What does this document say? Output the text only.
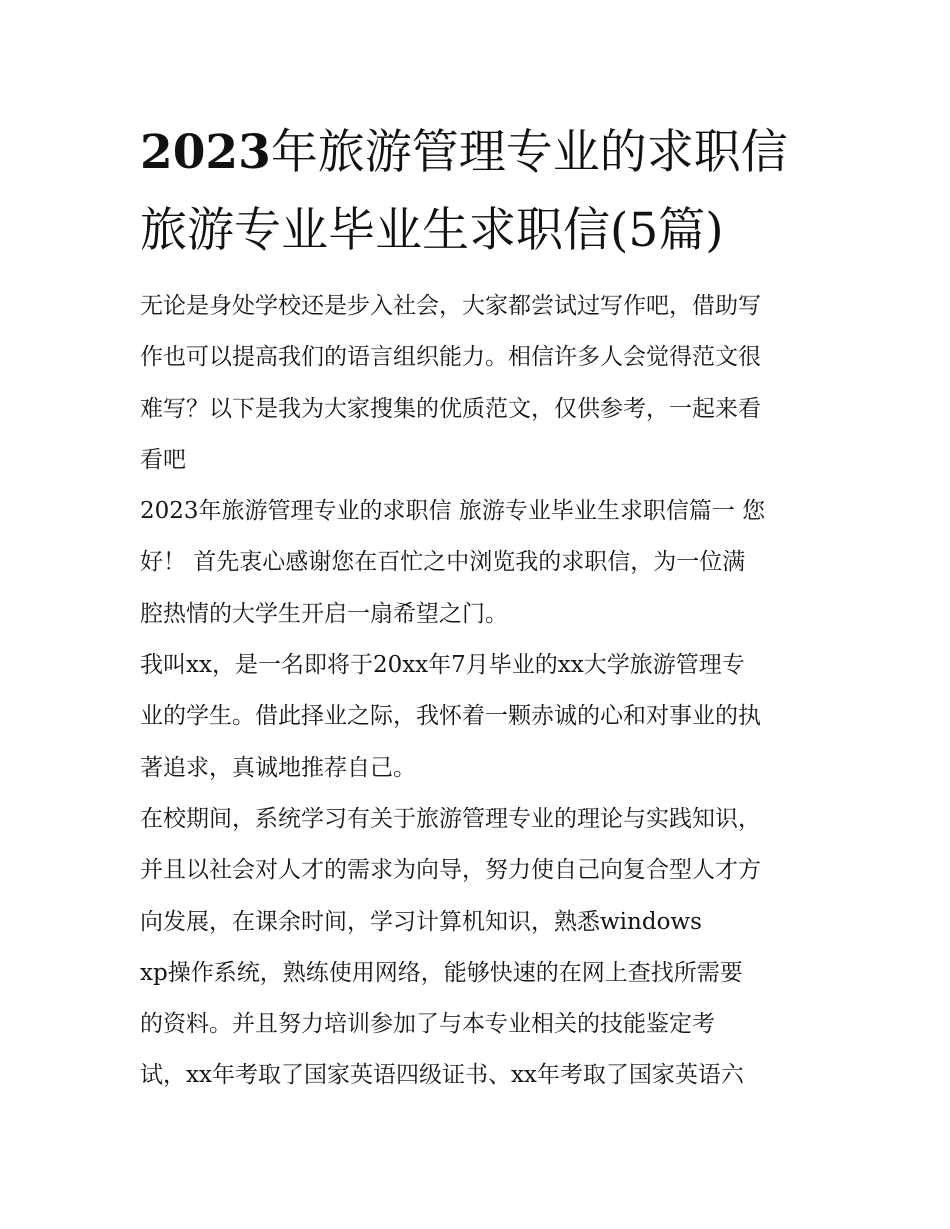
2023年旅游管理专业的求职信
旅游专业毕业生求职信(5篇)
无论是身处学校还是步入社会，大家都尝试过写作吧，借助写
作也可以提高我们的语言组织能力。相信许多人会觉得范文很
难写？以下是我为大家搜集的优质范文，仅供参考，一起来看
看吧
2023年旅游管理专业的求职信 旅游专业毕业生求职信篇一 您
好！ 首先衷心感谢您在百忙之中浏览我的求职信，为一位满
腔热情的大学生开启一扇希望之门。
我叫xx，是一名即将于20xx年7月毕业的xx大学旅游管理专
业的学生。借此择业之际，我怀着一颗赤诚的心和对事业的执
著追求，真诚地推荐自己。
在校期间，系统学习有关于旅游管理专业的理论与实践知识，
并且以社会对人才的需求为向导，努力使自己向复合型人才方
向发展，在课余时间，学习计算机知识，熟悉windows
xp操作系统，熟练使用网络，能够快速的在网上查找所需要
的资料。并且努力培训参加了与本专业相关的技能鉴定考
试，xx年考取了国家英语四级证书、xx年考取了国家英语六
